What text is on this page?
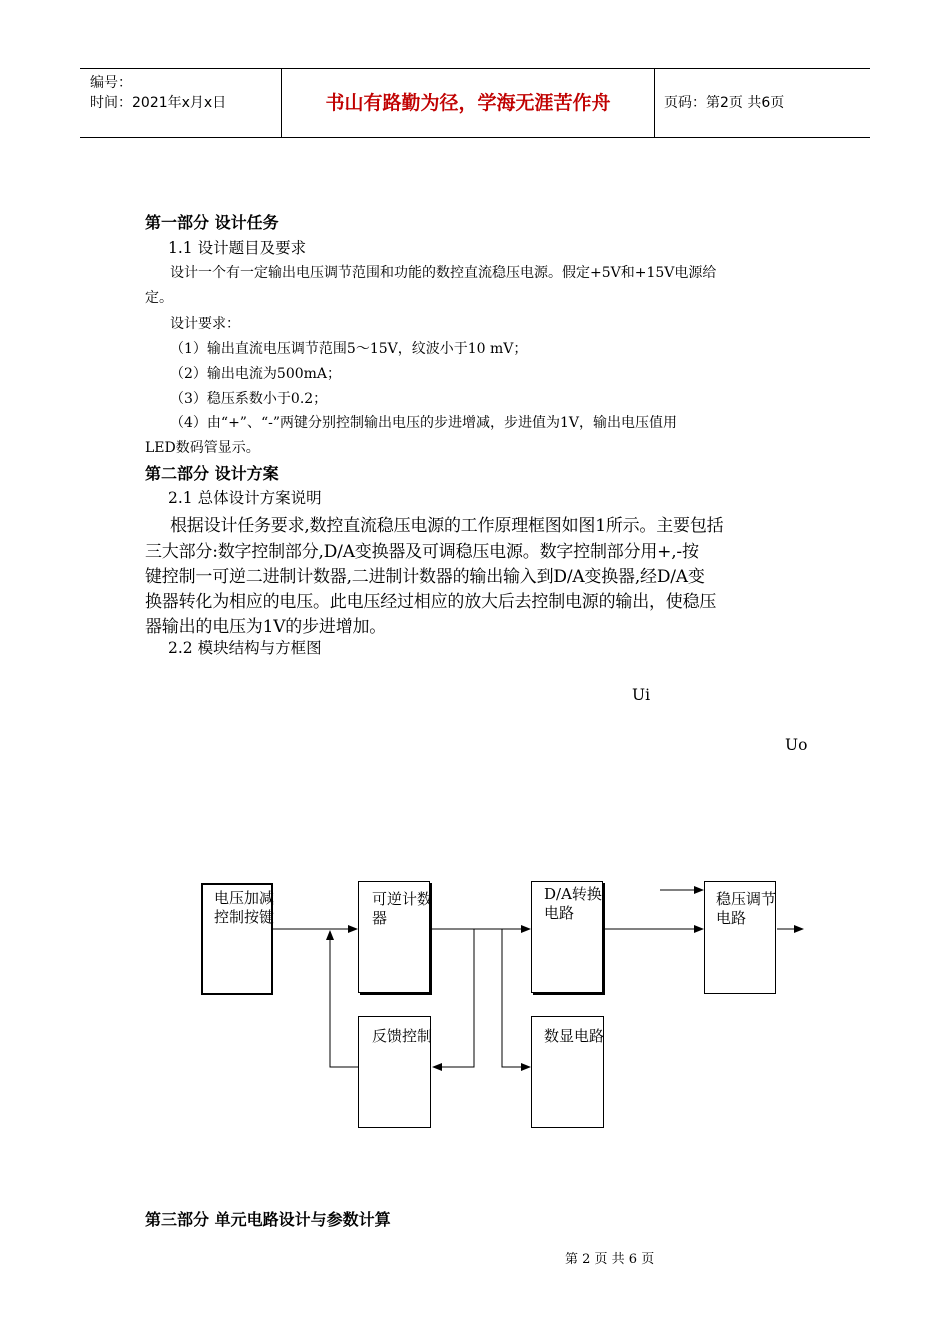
编号：
时间：2021年x月x日	书山有路勤为径，学海无涯苦作舟	页码：第2页 共6页
第一部分 设计任务
1.1 设计题目及要求
设计一个有一定输出电压调节范围和功能的数控直流稳压电源。假定+5V和+15V电源给
定。
设计要求：
（1）输出直流电压调节范围5～15V，纹波小于10 mV；
（2）输出电流为500mA；
（3）稳压系数小于0.2；
（4）由“+”、“-”两键分别控制输出电压的步进增减，步进值为1V，输出电压值用
LED数码管显示。
第二部分 设计方案
2.1 总体设计方案说明
根据设计任务要求,数控直流稳压电源的工作原理框图如图1所示。主要包括
三大部分:数字控制部分,D/A变换器及可调稳压电源。数字控制部分用+,-按
键控制一可逆二进制计数器,二进制计数器的输出输入到D/A变换器,经D/A变
换器转化为相应的电压。此电压经过相应的放大后去控制电源的输出，使稳压
器输出的电压为1V的步进增加。
2.2 模块结构与方框图
Ui
Uo
电压加减控制按键
可逆计数器
D/A转换电路
稳压调节电路
反馈控制	数显电路
第三部分 单元电路设计与参数计算
第 2 页 共 6 页
